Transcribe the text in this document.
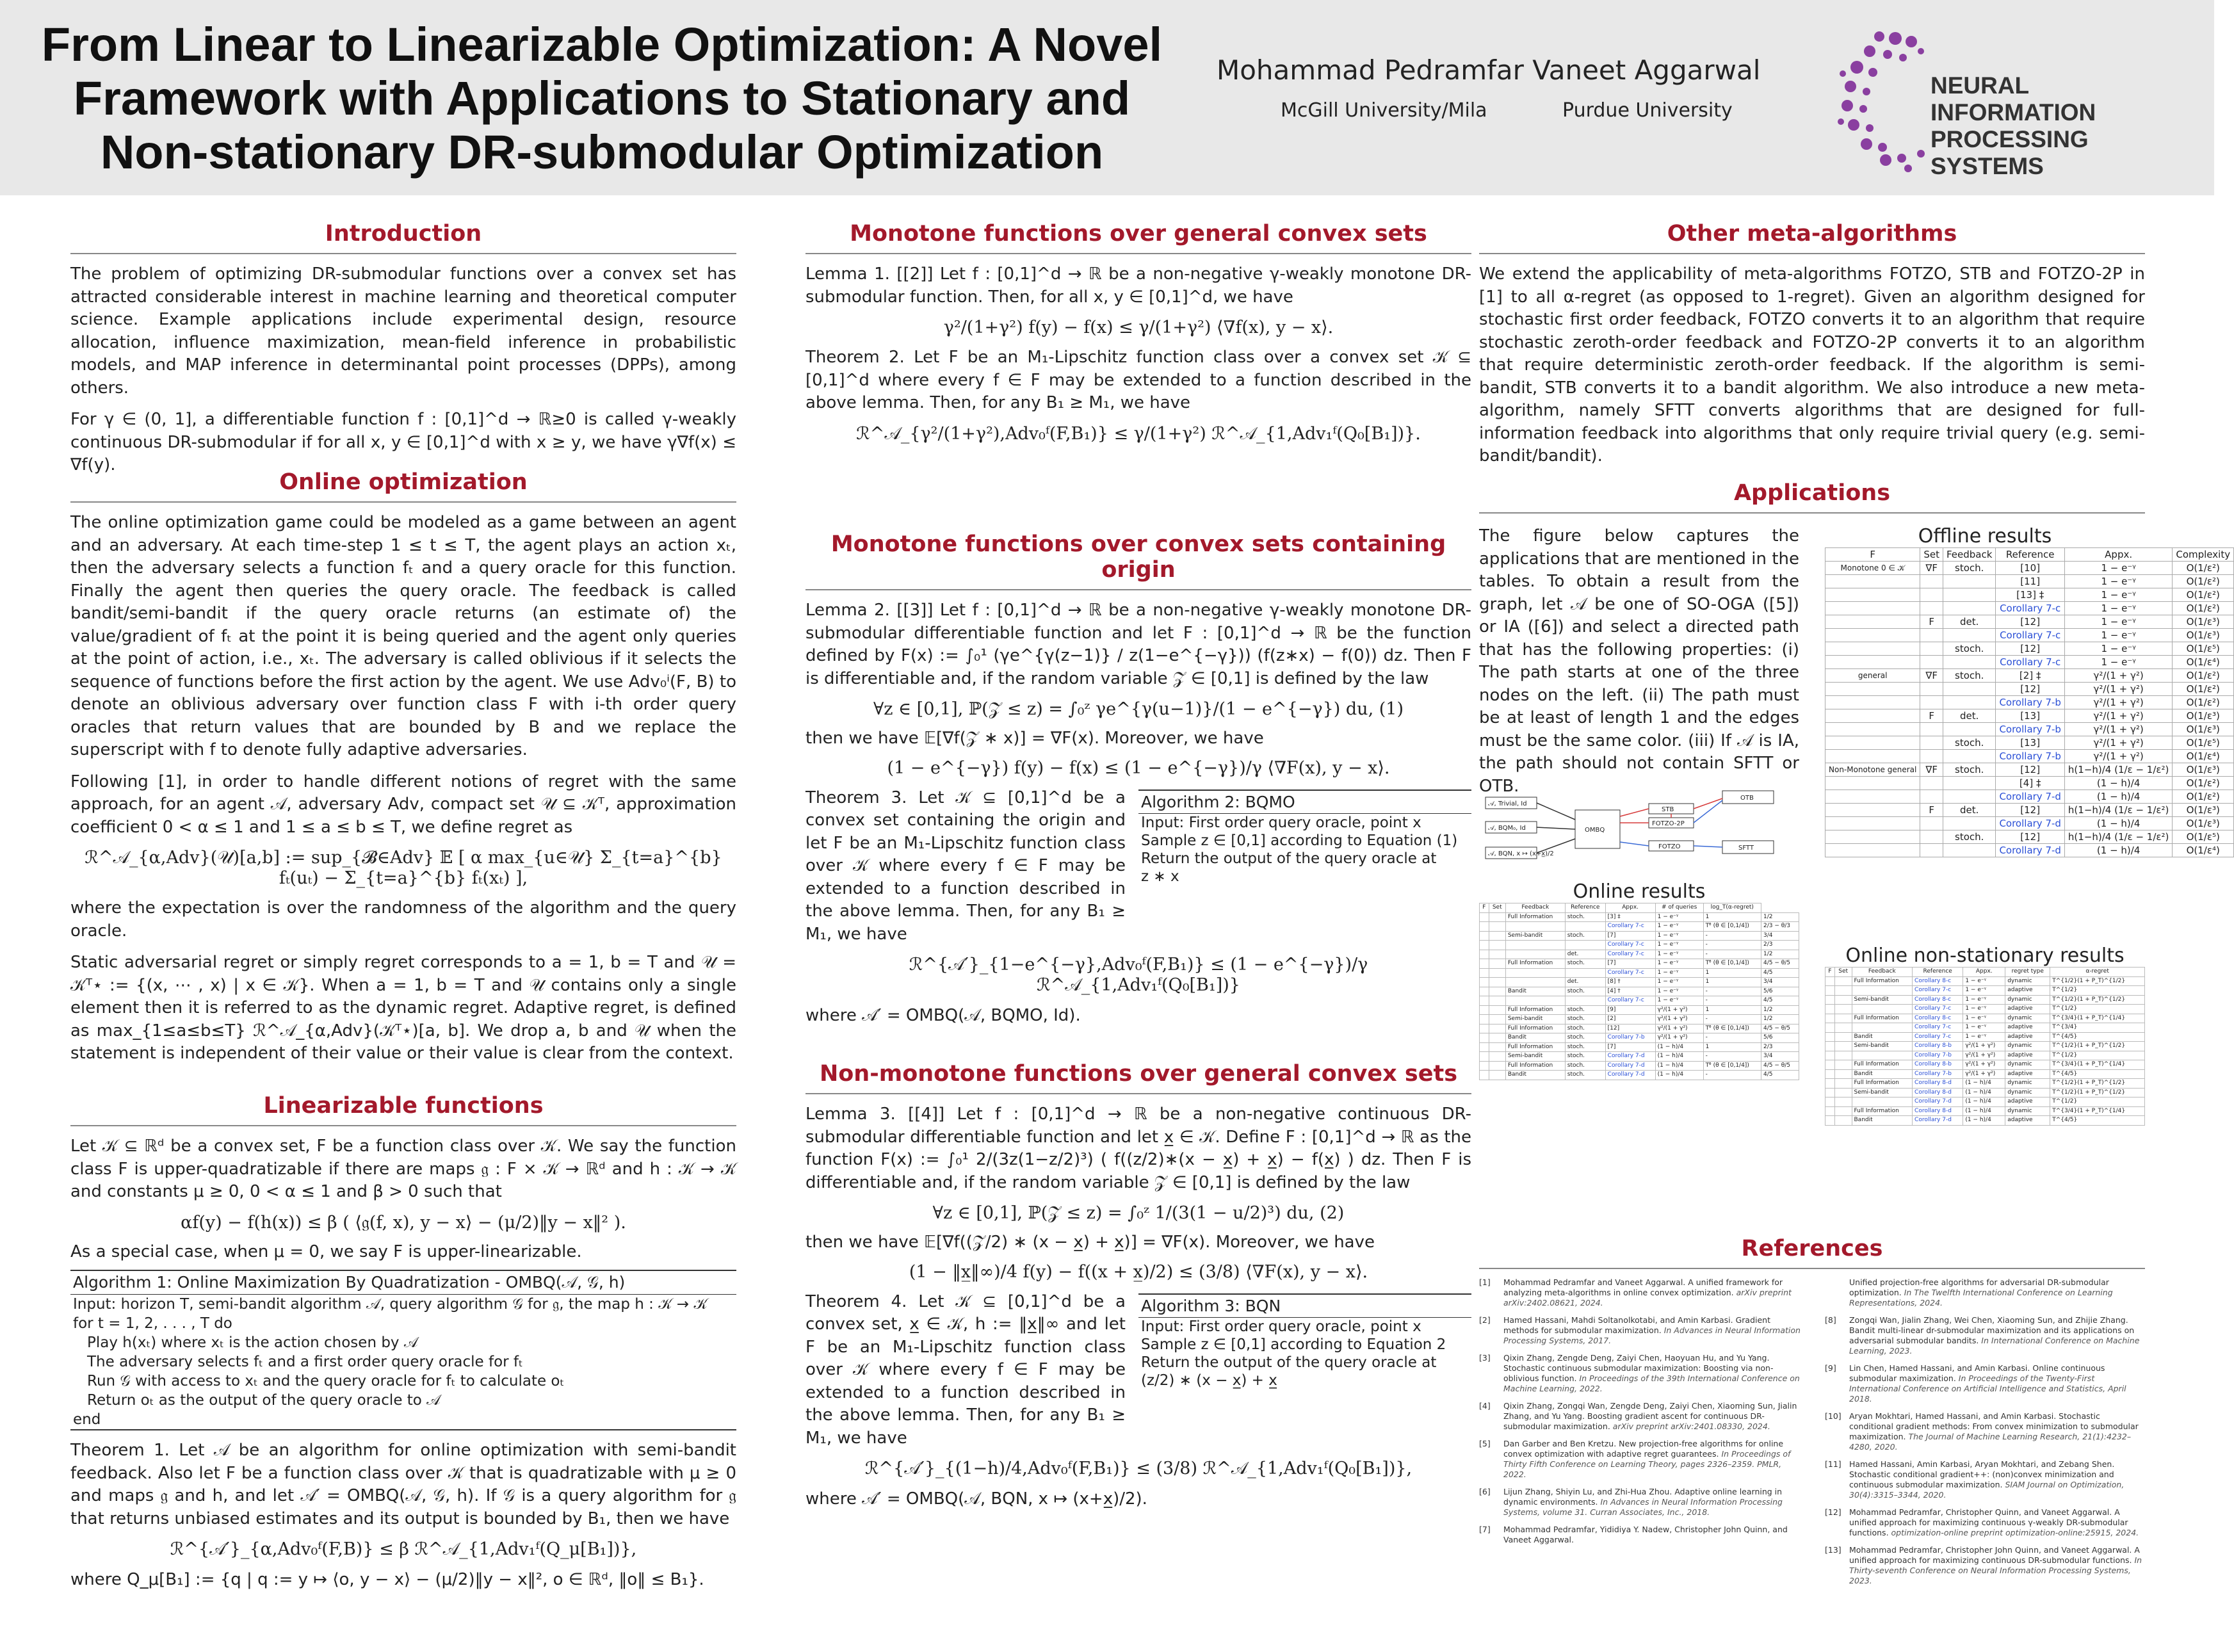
From Linear to Linearizable Optimization: A Novel Framework with Applications to Stationary and Non-stationary DR-submodular Optimization
Mohammad Pedramfar Vaneet Aggarwal
McGill University/Mila	Purdue University
NEURAL INFORMATION
PROCESSING SYSTEMS
Introduction
The problem of optimizing DR-submodular functions over a convex set has attracted considerable interest in machine learning and theoretical computer science. Example applications include experimental design, resource allocation, influence maximization, mean-field inference in probabilistic models, and MAP inference in determinantal point processes (DPPs), among others.
For γ ∈ (0, 1], a differentiable function f : [0,1]^d → ℝ≥0 is called γ-weakly continuous DR-submodular if for all x, y ∈ [0,1]^d with x ≥ y, we have γ∇f(x) ≤ ∇f(y).
Online optimization
The online optimization game could be modeled as a game between an agent and an adversary. At each time-step 1 ≤ t ≤ T, the agent plays an action xₜ, then the adversary selects a function fₜ and a query oracle for this function. Finally the agent then queries the query oracle. The feedback is called bandit/semi-bandit if the query oracle returns (an estimate of) the value/gradient of fₜ at the point it is being queried and the agent only queries at the point of action, i.e., xₜ. The adversary is called oblivious if it selects the sequence of functions before the first action by the agent. We use Adv₀ⁱ(F, B) to denote an oblivious adversary over function class F with i-th order query oracles that return values that are bounded by B and we replace the superscript with f to denote fully adaptive adversaries.
Following [1], in order to handle different notions of regret with the same approach, for an agent 𝒜, adversary Adv, compact set 𝒰 ⊆ 𝒦ᵀ, approximation coefficient 0 < α ≤ 1 and 1 ≤ a ≤ b ≤ T, we define regret as
ℛ^𝒜_{α,Adv}(𝒰)[a,b] := sup_{𝓑∈Adv} 𝔼 [ α max_{u∈𝒰} Σ_{t=a}^{b} fₜ(uₜ) − Σ_{t=a}^{b} fₜ(xₜ) ],
where the expectation is over the randomness of the algorithm and the query oracle.
Static adversarial regret or simply regret corresponds to a = 1, b = T and 𝒰 = 𝒦ᵀ⋆ := {(x, ⋯ , x) | x ∈ 𝒦}. When a = 1, b = T and 𝒰 contains only a single element then it is referred to as the dynamic regret. Adaptive regret, is defined as max_{1≤a≤b≤T} ℛ^𝒜_{α,Adv}(𝒦ᵀ⋆)[a, b]. We drop a, b and 𝒰 when the statement is independent of their value or their value is clear from the context.
Linearizable functions
Let 𝒦 ⊆ ℝᵈ be a convex set, F be a function class over 𝒦. We say the function class F is upper-quadratizable if there are maps 𝔤 : F × 𝒦 → ℝᵈ and h : 𝒦 → 𝒦 and constants μ ≥ 0, 0 < α ≤ 1 and β > 0 such that
αf(y) − f(h(x)) ≤ β ( ⟨𝔤(f, x), y − x⟩ − (μ/2)‖y − x‖² ).
As a special case, when μ = 0, we say F is upper-linearizable.
Algorithm 1: Online Maximization By Quadratization - OMBQ(𝒜, 𝒢, h)
Input: horizon T, semi-bandit algorithm 𝒜, query algorithm 𝒢 for 𝔤, the map h : 𝒦 → 𝒦
for t = 1, 2, . . . , T do
Play h(xₜ) where xₜ is the action chosen by 𝒜
The adversary selects fₜ and a first order query oracle for fₜ
Run 𝒢 with access to xₜ and the query oracle for fₜ to calculate oₜ
Return oₜ as the output of the query oracle to 𝒜
end
Theorem 1. Let 𝒜 be an algorithm for online optimization with semi-bandit feedback. Also let F be a function class over 𝒦 that is quadratizable with μ ≥ 0 and maps 𝔤 and h, and let 𝒜′ = OMBQ(𝒜, 𝒢, h). If 𝒢 is a query algorithm for 𝔤 that returns unbiased estimates and its output is bounded by B₁, then we have
ℛ^{𝒜′}_{α,Adv₀ᶠ(F,B)} ≤ β ℛ^𝒜_{1,Adv₁ᶠ(Q_μ[B₁])},
where Q_μ[B₁] := {q | q := y ↦ ⟨o, y − x⟩ − (μ/2)‖y − x‖², o ∈ ℝᵈ, ‖o‖ ≤ B₁}.
Monotone functions over general convex sets
Lemma 1. [[2]] Let f : [0,1]^d → ℝ be a non-negative γ-weakly monotone DR-submodular function. Then, for all x, y ∈ [0,1]^d, we have
γ²/(1+γ²) f(y) − f(x) ≤ γ/(1+γ²) ⟨∇f(x), y − x⟩.
Theorem 2. Let F be an M₁-Lipschitz function class over a convex set 𝒦 ⊆ [0,1]^d where every f ∈ F may be extended to a function described in the above lemma. Then, for any B₁ ≥ M₁, we have
ℛ^𝒜_{γ²/(1+γ²),Adv₀ᶠ(F,B₁)} ≤ γ/(1+γ²) ℛ^𝒜_{1,Adv₁ᶠ(Q₀[B₁])}.
Monotone functions over convex sets containing origin
Lemma 2. [[3]] Let f : [0,1]^d → ℝ be a non-negative γ-weakly monotone DR-submodular differentiable function and let F : [0,1]^d → ℝ be the function defined by F(x) := ∫₀¹ (γe^{γ(z−1)} / z(1−e^{−γ})) (f(z∗x) − f(0)) dz. Then F is differentiable and, if the random variable 𝒵 ∈ [0,1] is defined by the law
∀z ∈ [0,1], ℙ(𝒵 ≤ z) = ∫₀ᶻ γe^{γ(u−1)}/(1 − e^{−γ}) du, (1)
then we have 𝔼[∇f(𝒵 ∗ x)] = ∇F(x). Moreover, we have
(1 − e^{−γ}) f(y) − f(x) ≤ (1 − e^{−γ})/γ ⟨∇F(x), y − x⟩.
Theorem 3. Let 𝒦 ⊆ [0,1]^d be a convex set containing the origin and let F be an M₁-Lipschitz function class over 𝒦 where every f ∈ F may be extended to a function described in the above lemma. Then, for any B₁ ≥ M₁, we have
Algorithm 2: BQMO
Input: First order query oracle, point x
Sample z ∈ [0,1] according to Equation (1)
Return the output of the query oracle at
z ∗ x
ℛ^{𝒜′}_{1−e^{−γ},Adv₀ᶠ(F,B₁)} ≤ (1 − e^{−γ})/γ ℛ^𝒜_{1,Adv₁ᶠ(Q₀[B₁])}
where 𝒜′ = OMBQ(𝒜, BQMO, Id).
Non-monotone functions over general convex sets
Lemma 3. [[4]] Let f : [0,1]^d → ℝ be a non-negative continuous DR-submodular differentiable function and let x̲ ∈ 𝒦. Define F : [0,1]^d → ℝ as the function F(x) := ∫₀¹ 2/(3z(1−z/2)³) ( f((z/2)∗(x − x̲) + x̲) − f(x̲) ) dz. Then F is differentiable and, if the random variable 𝒵 ∈ [0,1] is defined by the law
∀z ∈ [0,1], ℙ(𝒵 ≤ z) = ∫₀ᶻ 1/(3(1 − u/2)³) du, (2)
then we have 𝔼[∇f((𝒵/2) ∗ (x − x̲) + x̲)] = ∇F(x). Moreover, we have
(1 − ‖x̲‖∞)/4 f(y) − f((x + x̲)/2) ≤ (3/8) ⟨∇F(x), y − x⟩.
Theorem 4. Let 𝒦 ⊆ [0,1]^d be a convex set, x̲ ∈ 𝒦, h := ‖x̲‖∞ and let F be an M₁-Lipschitz function class over 𝒦 where every f ∈ F may be extended to a function described in the above lemma. Then, for any B₁ ≥ M₁, we have
Algorithm 3: BQN
Input: First order query oracle, point x
Sample z ∈ [0,1] according to Equation 2
Return the output of the query oracle at
(z/2) ∗ (x − x̲) + x̲
ℛ^{𝒜′}_{(1−h)/4,Adv₀ᶠ(F,B₁)} ≤ (3/8) ℛ^𝒜_{1,Adv₁ᶠ(Q₀[B₁])},
where 𝒜′ = OMBQ(𝒜, BQN, x ↦ (x+x̲)/2).
Other meta-algorithms
We extend the applicability of meta-algorithms FOTZO, STB and FOTZO-2P in [1] to all α-regret (as opposed to 1-regret). Given an algorithm designed for stochastic first order feedback, FOTZO converts it to an algorithm that require stochastic zeroth-order feedback and FOTZO-2P converts it to an algorithm that require deterministic zeroth-order feedback. If the algorithm is semi-bandit, STB converts it to a bandit algorithm. We also introduce a new meta-algorithm, namely SFTT converts algorithms that are designed for full-information feedback into algorithms that only require trivial query (e.g. semi-bandit/bandit).
Applications
The figure below captures the applications that are mentioned in the tables. To obtain a result from the graph, let 𝒜 be one of SO-OGA ([5]) or IA ([6]) and select a directed path that has the following properties: (i) The path starts at one of the three nodes on the left. (ii) The path must be at least of length 1 and the edges must be the same color. (iii) If 𝒜 is IA, the path should not contain SFTT or OTB.
𝒜, Trivial, Id
𝒜, BQM₀, Id
𝒜, BQN, x ↦ (x+x̲)/2
OMBQ
STB
FOTZO-2P
FOTZO
OTB
SFTT
Offline results
F	Set	Feedback	Reference	Appx.	Complexity
Monotone 0 ∈ 𝒦	∇F	stoch.	[10]	1 − e⁻ᵞ	O(1/ε²)
			[11]	1 − e⁻ᵞ	O(1/ε²)
			[13] ‡	1 − e⁻ᵞ	O(1/ε²)
			Corollary 7-c	1 − e⁻ᵞ	O(1/ε²)
	F	det.	[12]	1 − e⁻ᵞ	O(1/ε³)
			Corollary 7-c	1 − e⁻ᵞ	O(1/ε³)
		stoch.	[12]	1 − e⁻ᵞ	O(1/ε⁵)
			Corollary 7-c	1 − e⁻ᵞ	O(1/ε⁴)
general	∇F	stoch.	[2] ‡	γ²/(1 + γ²)	O(1/ε²)
			[12]	γ²/(1 + γ²)	O(1/ε²)
			Corollary 7-b	γ²/(1 + γ²)	O(1/ε²)
	F	det.	[13]	γ²/(1 + γ²)	O(1/ε³)
			Corollary 7-b	γ²/(1 + γ²)	O(1/ε³)
		stoch.	[13]	γ²/(1 + γ²)	O(1/ε⁵)
			Corollary 7-b	γ²/(1 + γ²)	O(1/ε⁴)
Non-Monotone general	∇F	stoch.	[12]	h(1−h)/4 (1/ε − 1/ε²)	O(1/ε³)
			[4] ‡	(1 − h)/4	O(1/ε²)
			Corollary 7-d	(1 − h)/4	O(1/ε²)
	F	det.	[12]	h(1−h)/4 (1/ε − 1/ε²)	O(1/ε³)
			Corollary 7-d	(1 − h)/4	O(1/ε³)
		stoch.	[12]	h(1−h)/4 (1/ε − 1/ε²)	O(1/ε⁵)
			Corollary 7-d	(1 − h)/4	O(1/ε⁴)
Online results
F	Set	Feedback	Reference	Appx.	# of queries	log_T(α-regret)	
		Full Information	stoch.	[3] ‡	1 − e⁻ᵞ	1	1/2
				Corollary 7-c	1 − e⁻ᵞ	Tᶿ (θ ∈ [0,1/4])	2/3 − θ/3
		Semi-bandit	stoch.	[7]	1 − e⁻ᵞ	-	3/4
				Corollary 7-c	1 − e⁻ᵞ	-	2/3
			det.	Corollary 7-c	1 − e⁻ᵞ	-	1/2
		Full Information	stoch.	[7]	1 − e⁻ᵞ	Tᶿ (θ ∈ [0,1/4])	4/5 − θ/5
				Corollary 7-c	1 − e⁻ᵞ	1	4/5
			det.	[8] †	1 − e⁻ᵞ	1	3/4
		Bandit	stoch.	[4] †	1 − e⁻ᵞ	-	5/6
				Corollary 7-c	1 − e⁻ᵞ	-	4/5
		Full Information	stoch.	[9]	γ²/(1 + γ²)	1	1/2
		Semi-bandit	stoch.	[2]	γ²/(1 + γ²)	-	1/2
		Full Information	stoch.	[12]	γ²/(1 + γ²)	Tᶿ (θ ∈ [0,1/4])	4/5 − θ/5
		Bandit	stoch.	Corollary 7-b	γ²/(1 + γ²)	-	5/6
		Full Information	stoch.	[7]	(1 − h)/4	1	2/3
		Semi-bandit	stoch.	Corollary 7-d	(1 − h)/4	-	3/4
		Full Information	stoch.	Corollary 7-d	(1 − h)/4	Tᶿ (θ ∈ [0,1/4])	4/5 − θ/5
		Bandit	stoch.	Corollary 7-d	(1 − h)/4	-	4/5
Online non-stationary results
F	Set	Feedback	Reference	Appx.	regret type	α-regret
		Full Information	Corollary 8-c	1 − e⁻ᵞ	dynamic	T^{1/2}(1 + P_T)^{1/2}
			Corollary 7-c	1 − e⁻ᵞ	adaptive	T^{1/2}
		Semi-bandit	Corollary 8-c	1 − e⁻ᵞ	dynamic	T^{1/2}(1 + P_T)^{1/2}
			Corollary 7-c	1 − e⁻ᵞ	adaptive	T^{1/2}
		Full Information	Corollary 8-c	1 − e⁻ᵞ	dynamic	T^{3/4}(1 + P_T)^{1/4}
			Corollary 7-c	1 − e⁻ᵞ	adaptive	T^{3/4}
		Bandit	Corollary 7-c	1 − e⁻ᵞ	adaptive	T^{4/5}
		Semi-bandit	Corollary 8-b	γ²/(1 + γ²)	dynamic	T^{1/2}(1 + P_T)^{1/2}
			Corollary 7-b	γ²/(1 + γ²)	adaptive	T^{1/2}
		Full Information	Corollary 8-b	γ²/(1 + γ²)	dynamic	T^{3/4}(1 + P_T)^{1/4}
		Bandit	Corollary 7-b	γ²/(1 + γ²)	adaptive	T^{4/5}
		Full Information	Corollary 8-d	(1 − h)/4	dynamic	T^{1/2}(1 + P_T)^{1/2}
		Semi-bandit	Corollary 8-d	(1 − h)/4	dynamic	T^{1/2}(1 + P_T)^{1/2}
			Corollary 7-d	(1 − h)/4	adaptive	T^{1/2}
		Full Information	Corollary 8-d	(1 − h)/4	dynamic	T^{3/4}(1 + P_T)^{1/4}
		Bandit	Corollary 7-d	(1 − h)/4	adaptive	T^{4/5}
References
[1]  Mohammad Pedramfar and Vaneet Aggarwal. A unified framework for analyzing meta-algorithms in online convex optimization. arXiv preprint arXiv:2402.08621, 2024.
[2]  Hamed Hassani, Mahdi Soltanolkotabi, and Amin Karbasi. Gradient methods for submodular maximization. In Advances in Neural Information Processing Systems, 2017.
[3]  Qixin Zhang, Zengde Deng, Zaiyi Chen, Haoyuan Hu, and Yu Yang. Stochastic continuous submodular maximization: Boosting via non-oblivious function. In Proceedings of the 39th International Conference on Machine Learning, 2022.
[4]  Qixin Zhang, Zongqi Wan, Zengde Deng, Zaiyi Chen, Xiaoming Sun, Jialin Zhang, and Yu Yang. Boosting gradient ascent for continuous DR-submodular maximization. arXiv preprint arXiv:2401.08330, 2024.
[5]  Dan Garber and Ben Kretzu. New projection-free algorithms for online convex optimization with adaptive regret guarantees. In Proceedings of Thirty Fifth Conference on Learning Theory, pages 2326–2359. PMLR, 2022.
[6]  Lijun Zhang, Shiyin Lu, and Zhi-Hua Zhou. Adaptive online learning in dynamic environments. In Advances in Neural Information Processing Systems, volume 31. Curran Associates, Inc., 2018.
[7]  Mohammad Pedramfar, Yididiya Y. Nadew, Christopher John Quinn, and Vaneet Aggarwal.
Unified projection-free algorithms for adversarial DR-submodular optimization. In The Twelfth International Conference on Learning Representations, 2024.
[8]  Zongqi Wan, Jialin Zhang, Wei Chen, Xiaoming Sun, and Zhijie Zhang. Bandit multi-linear dr-submodular maximization and its applications on adversarial submodular bandits. In International Conference on Machine Learning, 2023.
[9]  Lin Chen, Hamed Hassani, and Amin Karbasi. Online continuous submodular maximization. In Proceedings of the Twenty-First International Conference on Artificial Intelligence and Statistics, April 2018.
[10]  Aryan Mokhtari, Hamed Hassani, and Amin Karbasi. Stochastic conditional gradient methods: From convex minimization to submodular maximization. The Journal of Machine Learning Research, 21(1):4232–4280, 2020.
[11]  Hamed Hassani, Amin Karbasi, Aryan Mokhtari, and Zebang Shen. Stochastic conditional gradient++: (non)convex minimization and continuous submodular maximization. SIAM Journal on Optimization, 30(4):3315–3344, 2020.
[12]  Mohammad Pedramfar, Christopher Quinn, and Vaneet Aggarwal. A unified approach for maximizing continuous γ-weakly DR-submodular functions. optimization-online preprint optimization-online:25915, 2024.
[13]  Mohammad Pedramfar, Christopher John Quinn, and Vaneet Aggarwal. A unified approach for maximizing continuous DR-submodular functions. In Thirty-seventh Conference on Neural Information Processing Systems, 2023.
